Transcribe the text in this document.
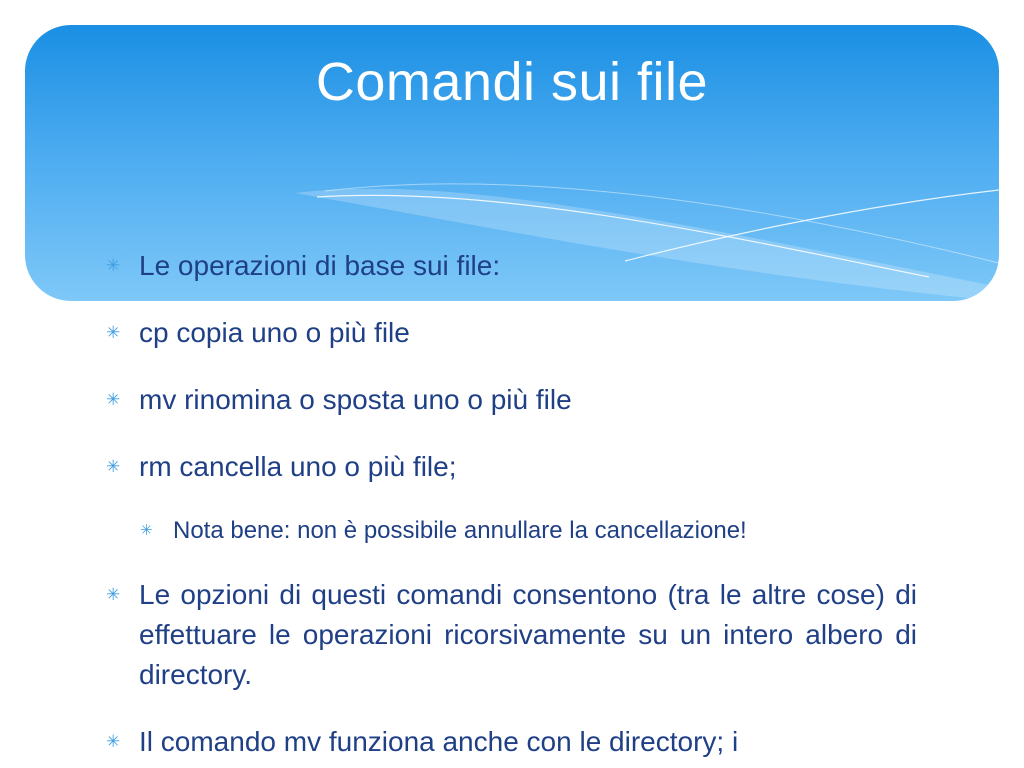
Comandi sui file
✳ Le operazioni di base sui file:
✳ cp copia uno o più file
✳ mv rinomina o sposta uno o più file
✳ rm cancella uno o più file;
✳ Nota bene: non è possibile annullare la cancellazione!
✳ Le opzioni di questi comandi consentono (tra le altre cose) di effettuare le operazioni ricorsivamente su un intero albero di directory.
✳ Il comando mv funziona anche con le directory; i
